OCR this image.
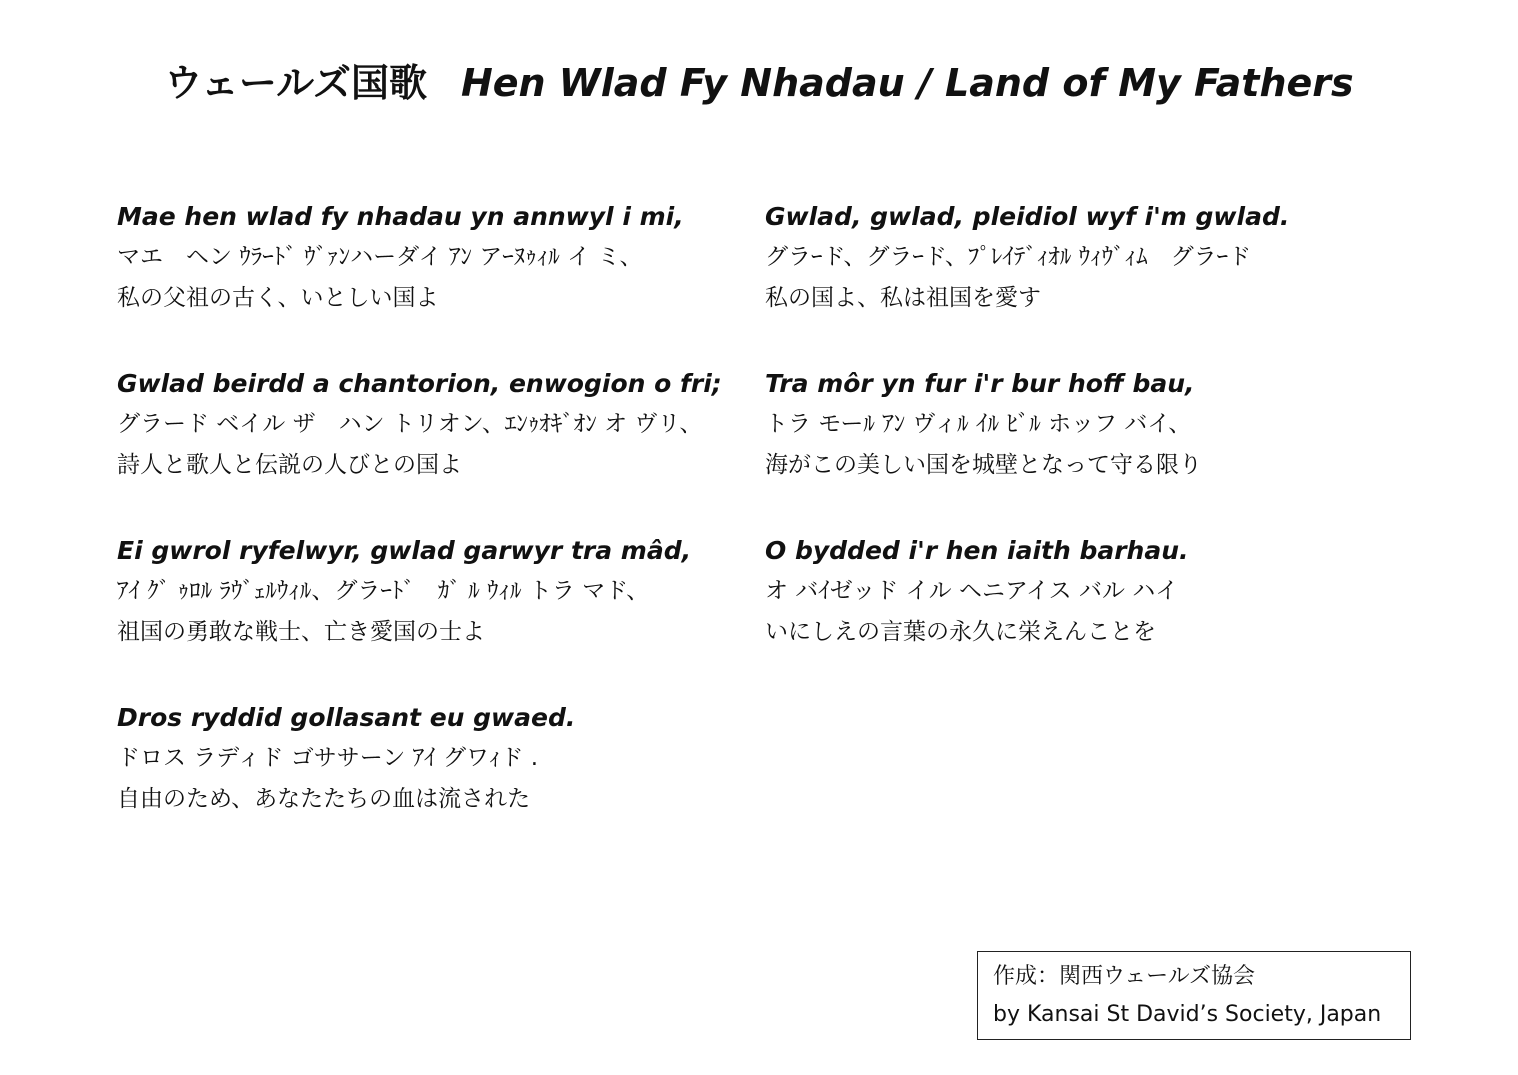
ウェールズ国歌 Hen Wlad Fy Nhadau / Land of My Fathers
Mae hen wlad fy nhadau yn annwyl i mi,
マエ　ヘン ｳﾗｰﾄﾞ ｳﾞｧﾝハーダイ ｱﾝ アｰﾇｩｨﾙ イ ミ、
私の父祖の古く、いとしい国よ
Gwlad beirdd a chantorion, enwogion o fri;
グラード ベイル ザ　ハン トリオン、ｴﾝｩｵｷﾞｵﾝ オ ヴリ、
詩人と歌人と伝説の人びとの国よ
Ei gwrol ryfelwyr, gwlad garwyr tra mâd,
ｱｲ ｸﾞ ｩﾛﾙ ﾗｳﾞｪﾙｳｨﾙ、グラｰﾄﾞ　ｶﾞ ﾙ ｳｨﾙ トラ マド、
祖国の勇敢な戦士、亡き愛国の士よ
Dros ryddid gollasant eu gwaed.
ドロス ラディド ゴササーン ｱｲ グワｨド .
自由のため、あなたたちの血は流された
Gwlad, gwlad, pleidiol wyf i'm gwlad.
グラｰド、グラｰド、ﾌﾟﾚｲﾃﾞｨｵﾙ ｳｨｳﾞｨﾑ　グラｰド
私の国よ、私は祖国を愛す
Tra môr yn fur i'r bur hoff bau,
トラ モーﾙ ｱﾝ ヴィﾙ ｲﾙ ﾋﾞﾙ ホッフ バイ、
海がこの美しい国を城壁となって守る限り
O bydded i'r hen iaith barhau.
オ バｲゼッド イル ヘニアイス バル ハイ
いにしえの言葉の永久に栄えんことを
作成：関西ウェールズ協会
by Kansai St David’s Society, Japan
